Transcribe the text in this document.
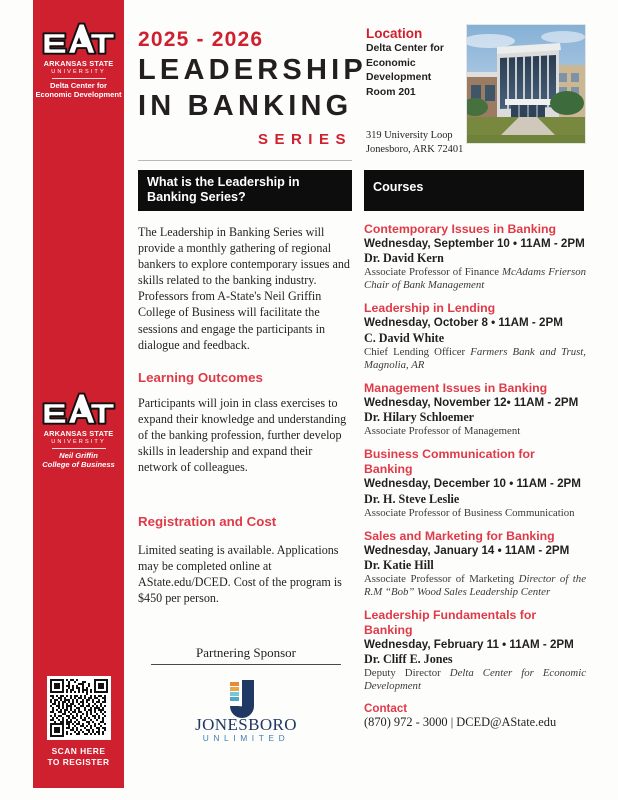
ARKANSAS STATE
UNIVERSITY
Delta Center for
Economic Development
ARKANSAS STATE
UNIVERSITY
Neil Griffin
College of Business
SCAN HERE
TO REGISTER
2025 - 2026
LEADERSHIP
IN BANKING
SERIES
Location
Delta Center for
Economic Development
Room 201
319 University Loop
Jonesboro, ARK 72401
What is the Leadership in Banking Series?
Courses
The Leadership in Banking Series will provide a monthly gathering of regional bankers to explore contemporary issues and skills related to the banking industry. Professors from A-State's Neil Griffin College of Business will facilitate the sessions and engage the participants in dialogue and feedback.
Learning Outcomes
Participants will join in class exercises to expand their knowledge and understanding of the banking profession, further develop skills in leadership and expand their network of colleagues.
Registration and Cost
Limited seating is available. Applications may be completed online at AState.edu/DCED. Cost of the program is $450 per person.
Partnering Sponsor
JONESBORO
UNLIMITED
Contemporary Issues in Banking
Wednesday, September 10 • 11AM - 2PM
Dr. David Kern
Associate Professor of Finance McAdams Frierson Chair of Bank Management
Leadership in Lending
Wednesday, October 8 • 11AM - 2PM
C. David White
Chief Lending Officer Farmers Bank and Trust, Magnolia, AR
Management Issues in Banking
Wednesday, November 12• 11AM - 2PM
Dr. Hilary Schloemer
Associate Professor of Management
Business Communication for Banking
Wednesday, December 10 • 11AM - 2PM
Dr. H. Steve Leslie
Associate Professor of Business Communication
Sales and Marketing for Banking
Wednesday, January 14 • 11AM - 2PM
Dr. Katie Hill
Associate Professor of Marketing Director of the R.M “Bob” Wood Sales Leadership Center
Leadership Fundamentals for Banking
Wednesday, February 11 • 11AM - 2PM
Dr. Cliff E. Jones
Deputy Director Delta Center for Economic Development
Contact
(870) 972 - 3000 | DCED@AState.edu
